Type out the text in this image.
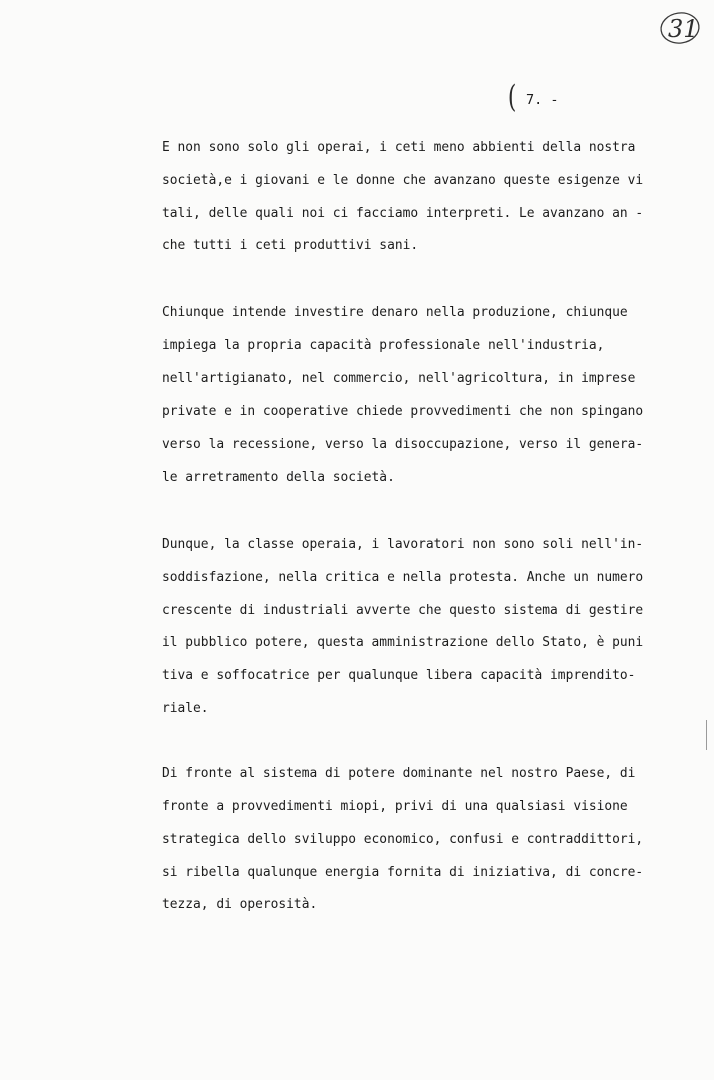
31
( 7. -
E non sono solo gli operai, i ceti meno abbienti della nostra
società,e i giovani e le donne che avanzano queste esigenze vi
tali, delle quali noi ci facciamo interpreti. Le avanzano an -
che tutti i ceti produttivi sani.
Chiunque intende investire denaro nella produzione, chiunque
impiega la propria capacità professionale nell'industria,
nell'artigianato, nel commercio, nell'agricoltura, in imprese
private e in cooperative chiede provvedimenti che non spingano
verso la recessione, verso la disoccupazione, verso il genera-
le arretramento della società.
Dunque, la classe operaia, i lavoratori non sono soli nell'in-
soddisfazione, nella critica e nella protesta. Anche un numero
crescente di industriali avverte che questo sistema di gestire
il pubblico potere, questa amministrazione dello Stato, è puni
tiva e soffocatrice per qualunque libera capacità imprendito-
riale.
Di fronte al sistema di potere dominante nel nostro Paese, di
fronte a provvedimenti miopi, privi di una qualsiasi visione
strategica dello sviluppo economico, confusi e contraddittori,
si ribella qualunque energia fornita di iniziativa, di concre-
tezza, di operosità.
